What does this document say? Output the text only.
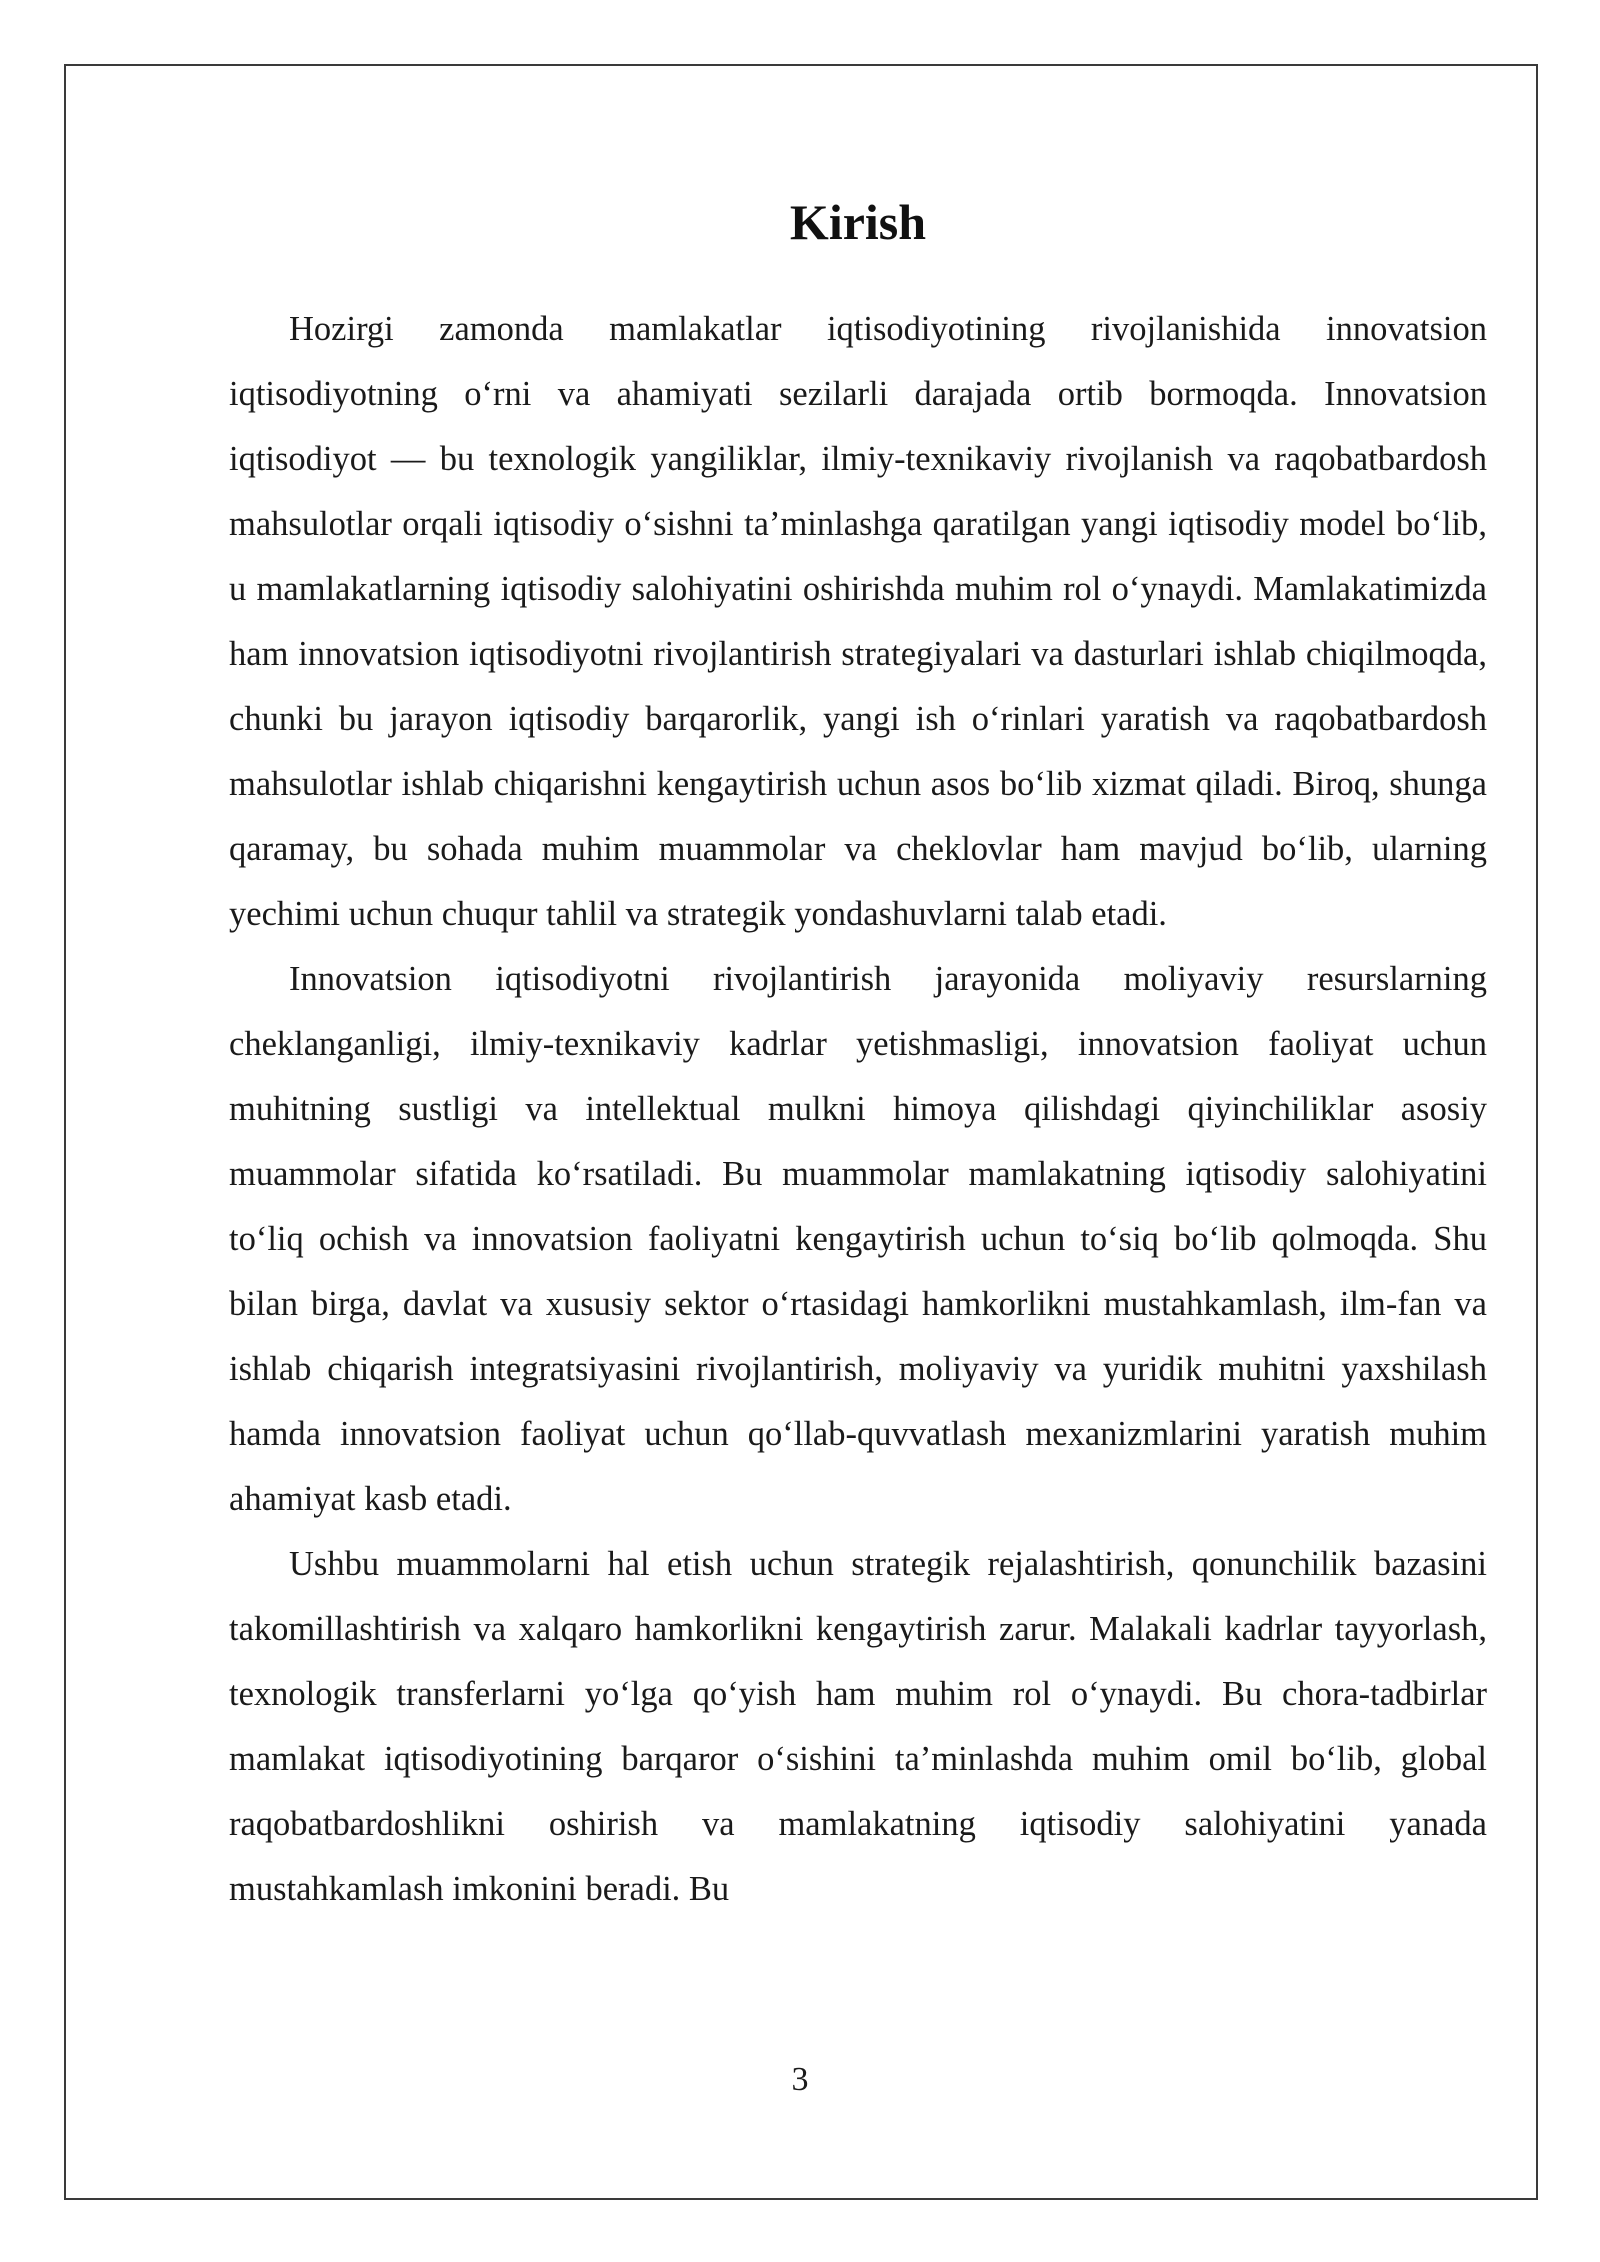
Kirish

Hozirgi zamonda mamlakatlar iqtisodiyotining rivojlanishida innovatsion iqtisodiyotning o‘rni va ahamiyati sezilarli darajada ortib bormoqda. Innovatsion iqtisodiyot — bu texnologik yangiliklar, ilmiy-texnikaviy rivojlanish va raqobatbardosh mahsulotlar orqali iqtisodiy o‘sishni ta’minlashga qaratilgan yangi iqtisodiy model bo‘lib, u mamlakatlarning iqtisodiy salohiyatini oshirishda muhim rol o‘ynaydi. Mamlakatimizda ham innovatsion iqtisodiyotni rivojlantirish strategiyalari va dasturlari ishlab chiqilmoqda, chunki bu jarayon iqtisodiy barqarorlik, yangi ish o‘rinlari yaratish va raqobatbardosh mahsulotlar ishlab chiqarishni kengaytirish uchun asos bo‘lib xizmat qiladi. Biroq, shunga qaramay, bu sohada muhim muammolar va cheklovlar ham mavjud bo‘lib, ularning yechimi uchun chuqur tahlil va strategik yondashuvlarni talab etadi.

Innovatsion iqtisodiyotni rivojlantirish jarayonida moliyaviy resurslarning cheklanganligi, ilmiy-texnikaviy kadrlar yetishmasligi, innovatsion faoliyat uchun muhitning sustligi va intellektual mulkni himoya qilishdagi qiyinchiliklar asosiy muammolar sifatida ko‘rsatiladi. Bu muammolar mamlakatning iqtisodiy salohiyatini to‘liq ochish va innovatsion faoliyatni kengaytirish uchun to‘siq bo‘lib qolmoqda. Shu bilan birga, davlat va xususiy sektor o‘rtasidagi hamkorlikni mustahkamlash, ilm-fan va ishlab chiqarish integratsiyasini rivojlantirish, moliyaviy va yuridik muhitni yaxshilash hamda innovatsion faoliyat uchun qo‘llab-quvvatlash mexanizmlarini yaratish muhim ahamiyat kasb etadi.

Ushbu muammolarni hal etish uchun strategik rejalashtirish, qonunchilik bazasini takomillashtirish va xalqaro hamkorlikni kengaytirish zarur. Malakali kadrlar tayyorlash, texnologik transferlarni yo‘lga qo‘yish ham muhim rol o‘ynaydi. Bu chora-tadbirlar mamlakat iqtisodiyotining barqaror o‘sishini ta’minlashda muhim omil bo‘lib, global raqobatbardoshlikni oshirish va mamlakatning iqtisodiy salohiyatini yanada mustahkamlash imkonini beradi. Bu

3
